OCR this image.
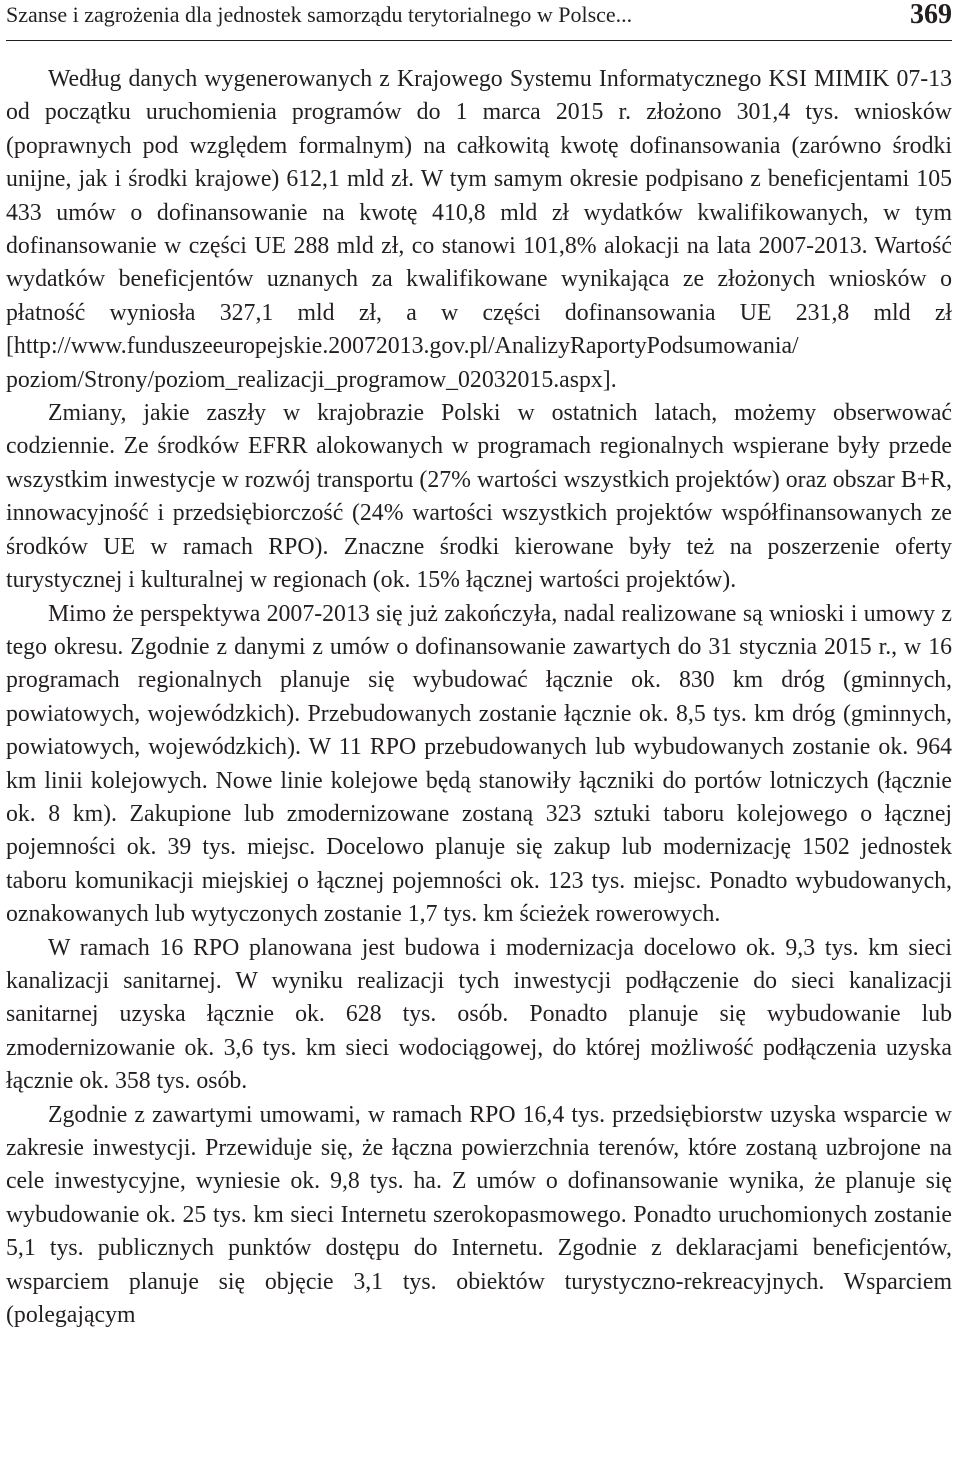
Szanse i zagrożenia dla jednostek samorządu terytorialnego w Polsce...	369

Według danych wygenerowanych z Krajowego Systemu Informatycznego KSI MIMIK 07-13 od początku uruchomienia programów do 1 marca 2015 r. złożono 301,4 tys. wniosków (poprawnych pod względem formalnym) na całkowitą kwotę dofinansowania (zarówno środki unijne, jak i środki krajowe) 612,1 mld zł. W tym samym okresie podpisano z beneficjentami 105 433 umów o dofinansowanie na kwotę 410,8 mld zł wydatków kwalifikowanych, w tym dofinansowanie w części UE 288 mld zł, co stanowi 101,8% alokacji na lata 2007-2013. Wartość wydatków beneficjentów uznanych za kwalifikowane wynikająca ze złożonych wniosków o płatność wyniosła 327,1 mld zł, a w części dofinansowania UE 231,8 mld zł [http://www.funduszeeuropejskie.20072013.gov.pl/AnalizyRaportyPodsumowania/ poziom/Strony/poziom_realizacji_programow_02032015.aspx].

Zmiany, jakie zaszły w krajobrazie Polski w ostatnich latach, możemy obserwować codziennie. Ze środków EFRR alokowanych w programach regionalnych wspierane były przede wszystkim inwestycje w rozwój transportu (27% wartości wszystkich projektów) oraz obszar B+R, innowacyjność i przedsiębiorczość (24% wartości wszystkich projektów współfinansowanych ze środków UE w ramach RPO). Znaczne środki kierowane były też na poszerzenie oferty turystycznej i kulturalnej w regionach (ok. 15% łącznej wartości projektów).

Mimo że perspektywa 2007-2013 się już zakończyła, nadal realizowane są wnioski i umowy z tego okresu. Zgodnie z danymi z umów o dofinansowanie zawartych do 31 stycznia 2015 r., w 16 programach regionalnych planuje się wybudować łącznie ok. 830 km dróg (gminnych, powiatowych, wojewódzkich). Przebudowanych zostanie łącznie ok. 8,5 tys. km dróg (gminnych, powiatowych, wojewódzkich). W 11 RPO przebudowanych lub wybudowanych zostanie ok. 964 km linii kolejowych. Nowe linie kolejowe będą stanowiły łączniki do portów lotniczych (łącznie ok. 8 km). Zakupione lub zmodernizowane zostaną 323 sztuki taboru kolejowego o łącznej pojemności ok. 39 tys. miejsc. Docelowo planuje się zakup lub modernizację 1502 jednostek taboru komunikacji miejskiej o łącznej pojemności ok. 123 tys. miejsc. Ponadto wybudowanych, oznakowanych lub wytyczonych zostanie 1,7 tys. km ścieżek rowerowych.

W ramach 16 RPO planowana jest budowa i modernizacja docelowo ok. 9,3 tys. km sieci kanalizacji sanitarnej. W wyniku realizacji tych inwestycji podłączenie do sieci kanalizacji sanitarnej uzyska łącznie ok. 628 tys. osób. Ponadto planuje się wybudowanie lub zmodernizowanie ok. 3,6 tys. km sieci wodociągowej, do której możliwość podłączenia uzyska łącznie ok. 358 tys. osób.

Zgodnie z zawartymi umowami, w ramach RPO 16,4 tys. przedsiębiorstw uzyska wsparcie w zakresie inwestycji. Przewiduje się, że łączna powierzchnia terenów, które zostaną uzbrojone na cele inwestycyjne, wyniesie ok. 9,8 tys. ha. Z umów o dofinansowanie wynika, że planuje się wybudowanie ok. 25 tys. km sieci Internetu szerokopasmowego. Ponadto uruchomionych zostanie 5,1 tys. publicznych punktów dostępu do Internetu. Zgodnie z deklaracjami beneficjentów, wsparciem planuje się objęcie 3,1 tys. obiektów turystyczno-rekreacyjnych. Wsparciem (polegającym
